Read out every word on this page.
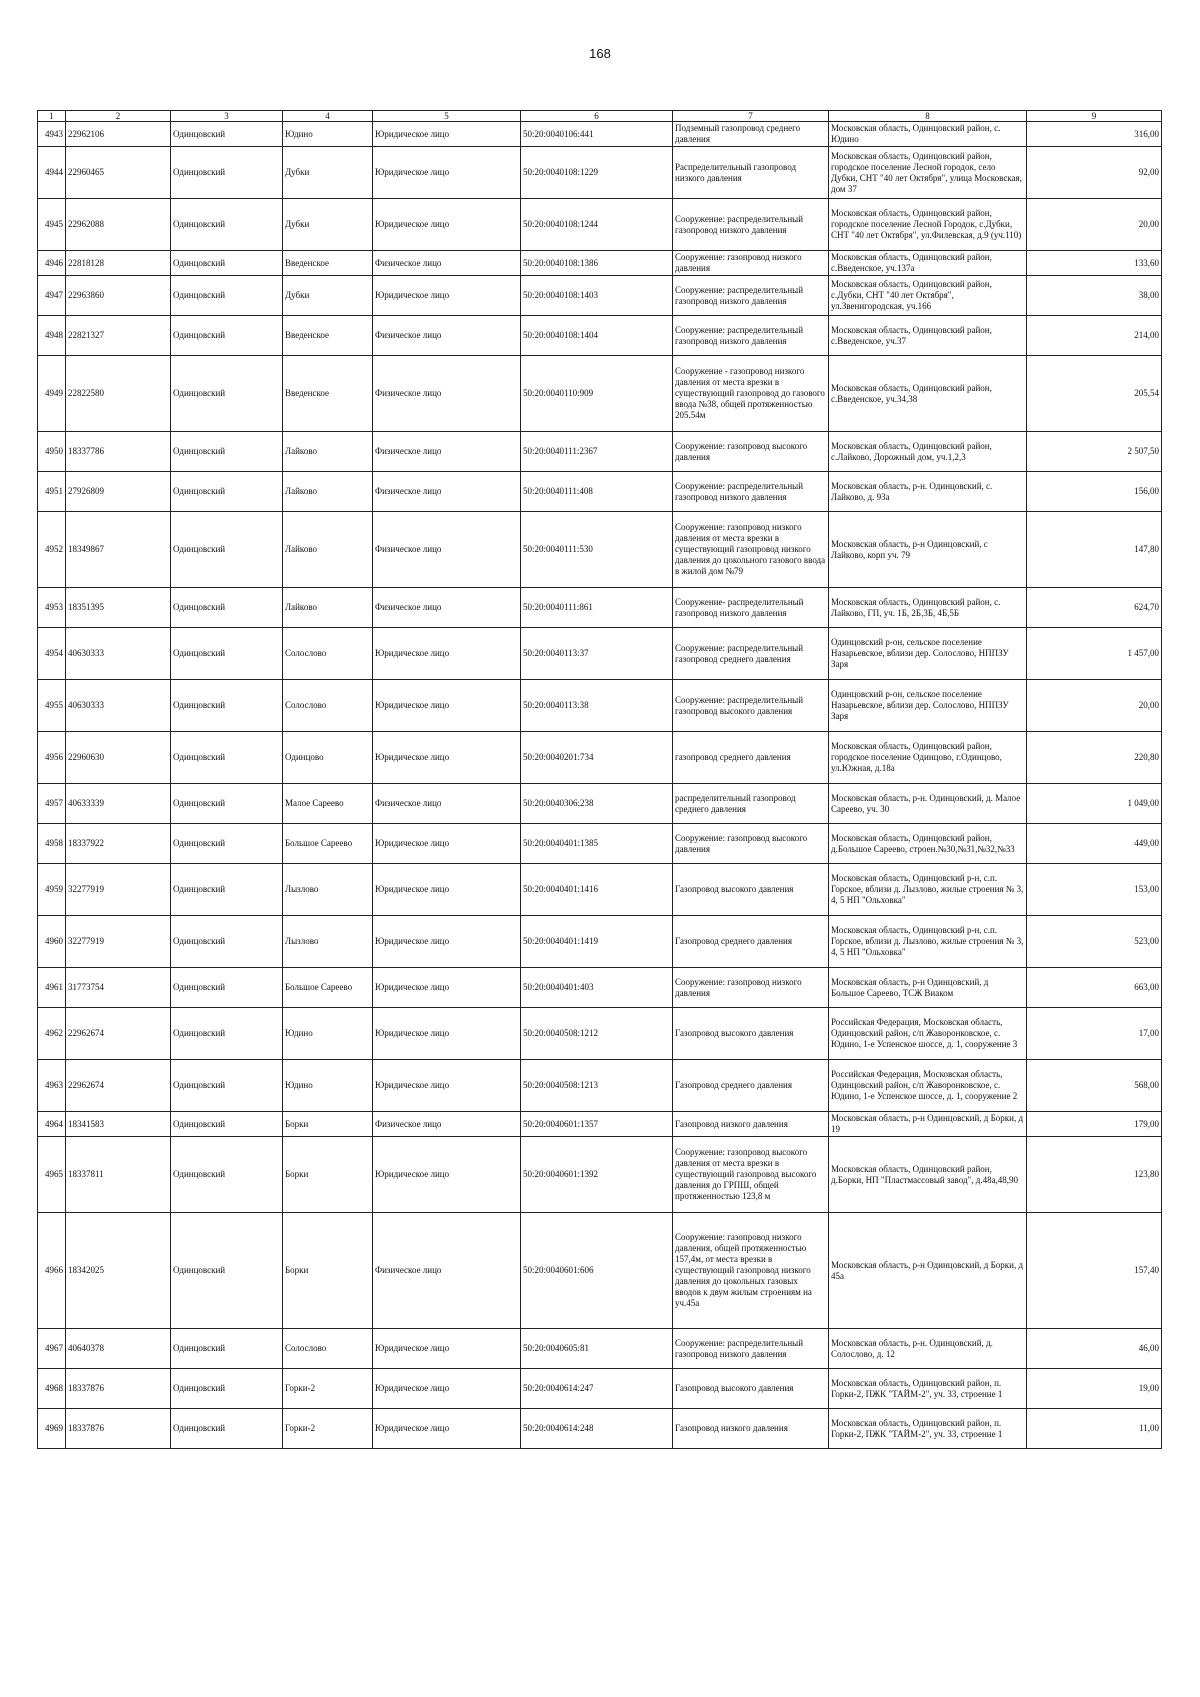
168
1	2	3	4	5	6	7	8	9
4943	22962106	Одинцовский	Юдино	Юридическое лицо	50:20:0040106:441	Подземный газопровод среднего давления	Московская область, Одинцовский район, с. Юдино	316,00
4944	22960465	Одинцовский	Дубки	Юридическое лицо	50:20:0040108:1229	Распределительный газопровод низкого давления	Московская область, Одинцовский район, городское поселение Лесной городок, село Дубки, СНТ "40 лет Октября", улица Московская, дом 37	92,00
4945	22962088	Одинцовский	Дубки	Юридическое лицо	50:20:0040108:1244	Сооружение: распределительный газопровод низкого давления	Московская область, Одинцовский район, городское поселение Лесной Городок, с.Дубки, СНТ "40 лет Октября", ул.Филевская, д.9 (уч.110)	20,00
4946	22818128	Одинцовский	Введенское	Физическое лицо	50:20:0040108:1386	Сооружение: газопровод низкого давления	Московская область, Одинцовский район, с.Введенское, уч.137а	133,60
4947	22963860	Одинцовский	Дубки	Юридическое лицо	50:20:0040108:1403	Сооружение: распределительный газопровод низкого давления	Московская область, Одинцовский район, с.Дубки, СНТ "40 лет Октября", ул.Звенигородская, уч.166	38,00
4948	22821327	Одинцовский	Введенское	Физическое лицо	50:20:0040108:1404	Сооружение: распределительный газопровод низкого давления	Московская область, Одинцовский район, с.Введенское, уч.37	214,00
4949	22822580	Одинцовский	Введенское	Физическое лицо	50:20:0040110:909	Сооружение - газопровод низкого давления от места врезки в существующий газопровод до газового ввода №38, общей протяженностью 205.54м	Московская область, Одинцовский район, с.Введенское, уч.34,38	205,54
4950	18337786	Одинцовский	Лайково	Физическое лицо	50:20:0040111:2367	Сооружение: газопровод высокого давления	Московская область, Одинцовский район, с.Лайково, Дорожный дом, уч.1,2,3	2 507,50
4951	27926809	Одинцовский	Лайково	Физическое лицо	50:20:0040111:408	Сооружение: распределительный газопровод низкого давления	Московская область, р-н. Одинцовский, с. Лайково, д. 93а	156,00
4952	18349867	Одинцовский	Лайково	Физическое лицо	50:20:0040111:530	Сооружение: газопровод низкого давления от места врезки в существующий газопровод низкого давления до цокольного газового ввода в жилой дом №79	Московская область, р-н Одинцовский, с Лайково, корп уч. 79	147,80
4953	18351395	Одинцовский	Лайково	Физическое лицо	50:20:0040111:861	Сооружение- распределительный газопровод низкого давления	Московская область, Одинцовский район, с. Лайково, ГП, уч. 1Б, 2Б,3Б, 4Б,5Б	624,70
4954	40630333	Одинцовский	Солослово	Юридическое лицо	50:20:0040113:37	Сооружение: распределительный газопровод среднего давления	Одинцовский р-он, сельское поселение Назарьевское, вблизи дер. Солослово, НППЗУ Заря	1 457,00
4955	40630333	Одинцовский	Солослово	Юридическое лицо	50:20:0040113:38	Сооружение: распределительный газопровод высокого давления	Одинцовский р-он, сельское поселение Назарьевское, вблизи дер. Солослово, НППЗУ Заря	20,00
4956	22960630	Одинцовский	Одинцово	Юридическое лицо	50:20:0040201:734	газопровод среднего давления	Московская область, Одинцовский район, городское поселение Одинцово, г.Одинцово, ул.Южная, д.18а	220,80
4957	40633339	Одинцовский	Малое Сареево	Физическое лицо	50:20:0040306:238	распределительный газопровод среднего давления	Московская область, р-н. Одинцовский, д. Малое Сареево, уч. 30	1 049,00
4958	18337922	Одинцовский	Большое Сареево	Юридическое лицо	50:20:0040401:1385	Сооружение: газопровод высокого давления	Московская область, Одинцовский район, д.Большое Сареево, строен.№30,№31,№32,№33	449,00
4959	32277919	Одинцовский	Лызлово	Юридическое лицо	50:20:0040401:1416	Газопровод высокого давления	Московская область, Одинцовский р-н, с.п. Горское, вблизи д. Лызлово, жилые строения № 3, 4, 5 НП "Ольховка"	153,00
4960	32277919	Одинцовский	Лызлово	Юридическое лицо	50:20:0040401:1419	Газопровод среднего давления	Московская область, Одинцовский р-н, с.п. Горское, вблизи д. Лызлово, жилые строения № 3, 4, 5 НП "Ольховка"	523,00
4961	31773754	Одинцовский	Большое Сареево	Юридическое лицо	50:20:0040401:403	Сооружение: газопровод низкого давления	Московская область, р-н Одинцовский, д Большое Сареево, ТСЖ Виаком	663,00
4962	22962674	Одинцовский	Юдино	Юридическое лицо	50:20:0040508:1212	Газопровод высокого давления	Российская Федерация, Московская область, Одинцовский район, с/п Жаворонковское, с. Юдино, 1-е Успенское шоссе, д. 1, сооружение 3	17,00
4963	22962674	Одинцовский	Юдино	Юридическое лицо	50:20:0040508:1213	Газопровод среднего давления	Российская Федерация, Московская область, Одинцовский район, с/п Жаворонковское, с. Юдино, 1-е Успенское шоссе, д. 1, сооружение 2	568,00
4964	18341583	Одинцовский	Борки	Физическое лицо	50:20:0040601:1357	Газопровод низкого давления	Московская область, р-н Одинцовский, д Борки, д 19	179,00
4965	18337811	Одинцовский	Борки	Юридическое лицо	50:20:0040601:1392	Сооружение: газопровод высокого давления от места врезки в существующий газопровод высокого давления до ГРПШ, общей протяженностью 123,8 м	Московская область, Одинцовский район, д.Борки, НП "Пластмассовый завод", д.48а,48,90	123,80
4966	18342025	Одинцовский	Борки	Физическое лицо	50:20:0040601:606	Сооружение: газопровод низкого давления, общей протяженностью 157,4м, от места врезки в существующий газопровод низкого давления до цокольных газовых вводов к двум жилым строениям на уч.45а	Московская область, р-н Одинцовский, д Борки, д 45а	157,40
4967	40640378	Одинцовский	Солослово	Юридическое лицо	50:20:0040605:81	Сооружение: распределительный газопровод низкого давления	Московская область, р-н. Одинцовский, д. Солослово, д. 12	46,00
4968	18337876	Одинцовский	Горки-2	Юридическое лицо	50:20:0040614:247	Газопровод высокого давления	Московская область, Одинцовский район, п. Горки-2, ПЖК "ТАЙМ-2", уч. 33, строение 1	19,00
4969	18337876	Одинцовский	Горки-2	Юридическое лицо	50:20:0040614:248	Газопровод низкого давления	Московская область, Одинцовский район, п. Горки-2, ПЖК "ТАЙМ-2", уч. 33, строение 1	11,00
